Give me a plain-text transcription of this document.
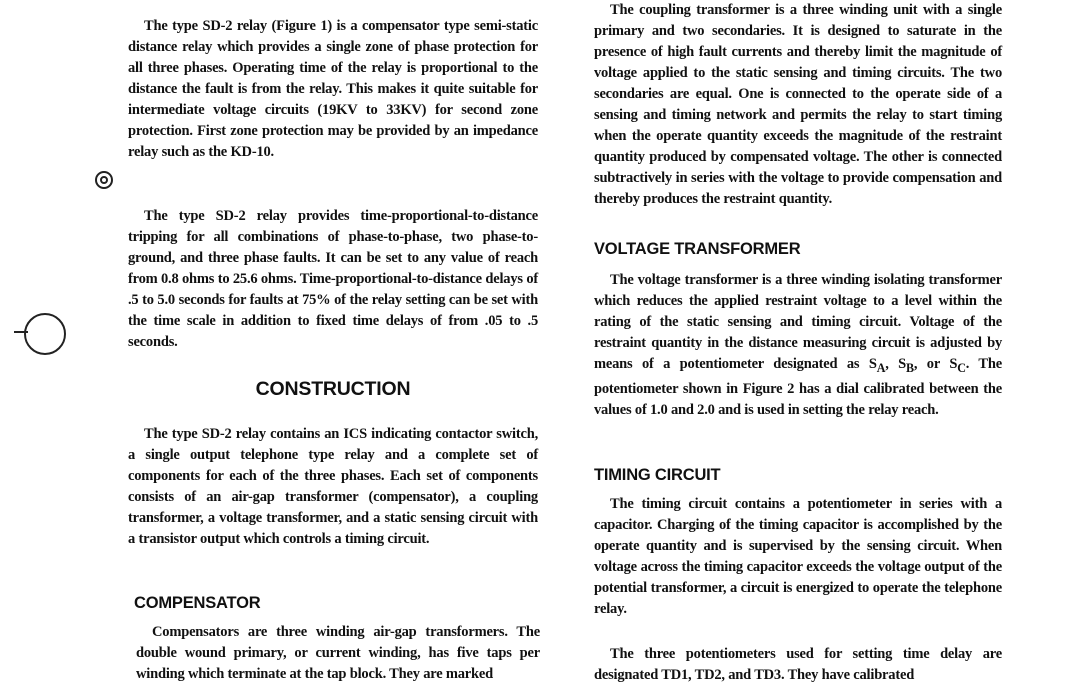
The type SD-2 relay (Figure 1) is a compensator type semi-static distance relay which provides a single zone of phase protection for all three phases. Operating time of the relay is proportional to the distance the fault is from the relay. This makes it quite suitable for intermediate voltage circuits (19KV to 33KV) for second zone protection. First zone protection may be provided by an impedance relay such as the KD-10.

The type SD-2 relay provides time-proportional-to-distance tripping for all combinations of phase-to-phase, two phase-to-ground, and three phase faults. It can be set to any value of reach from 0.8 ohms to 25.6 ohms. Time-proportional-to-distance delays of .5 to 5.0 seconds for faults at 75% of the relay setting can be set with the time scale in addition to fixed time delays of from .05 to .5 seconds.

CONSTRUCTION

The type SD-2 relay contains an ICS indicating contactor switch, a single output telephone type relay and a complete set of components for each of the three phases. Each set of components consists of an air-gap transformer (compensator), a coupling transformer, a voltage transformer, and a static sensing circuit with a transistor output which controls a timing circuit.

COMPENSATOR

Compensators are three winding air-gap transformers. The double wound primary, or current winding, has five taps per winding which terminate at the tap block. They are marked

The coupling transformer is a three winding unit with a single primary and two secondaries. It is designed to saturate in the presence of high fault currents and thereby limit the magnitude of voltage applied to the static sensing and timing circuits. The two secondaries are equal. One is connected to the operate side of a sensing and timing network and permits the relay to start timing when the operate quantity exceeds the magnitude of the restraint quantity produced by compensated voltage. The other is connected subtractively in series with the voltage to provide compensation and thereby produces the restraint quantity.

VOLTAGE TRANSFORMER

The voltage transformer is a three winding isolating transformer which reduces the applied restraint voltage to a level within the rating of the static sensing and timing circuit. Voltage of the restraint quantity in the distance measuring circuit is adjusted by means of a potentiometer designated as $S_A$, $S_B$, or $S_C$. The potentiometer shown in Figure 2 has a dial calibrated between the values of 1.0 and 2.0 and is used in setting the relay reach.

TIMING CIRCUIT

The timing circuit contains a potentiometer in series with a capacitor. Charging of the timing capacitor is accomplished by the operate quantity and is supervised by the sensing circuit. When voltage across the timing capacitor exceeds the voltage output of the potential transformer, a circuit is energized to operate the telephone relay.

The three potentiometers used for setting time delay are designated TD1, TD2, and TD3. They have calibrated
